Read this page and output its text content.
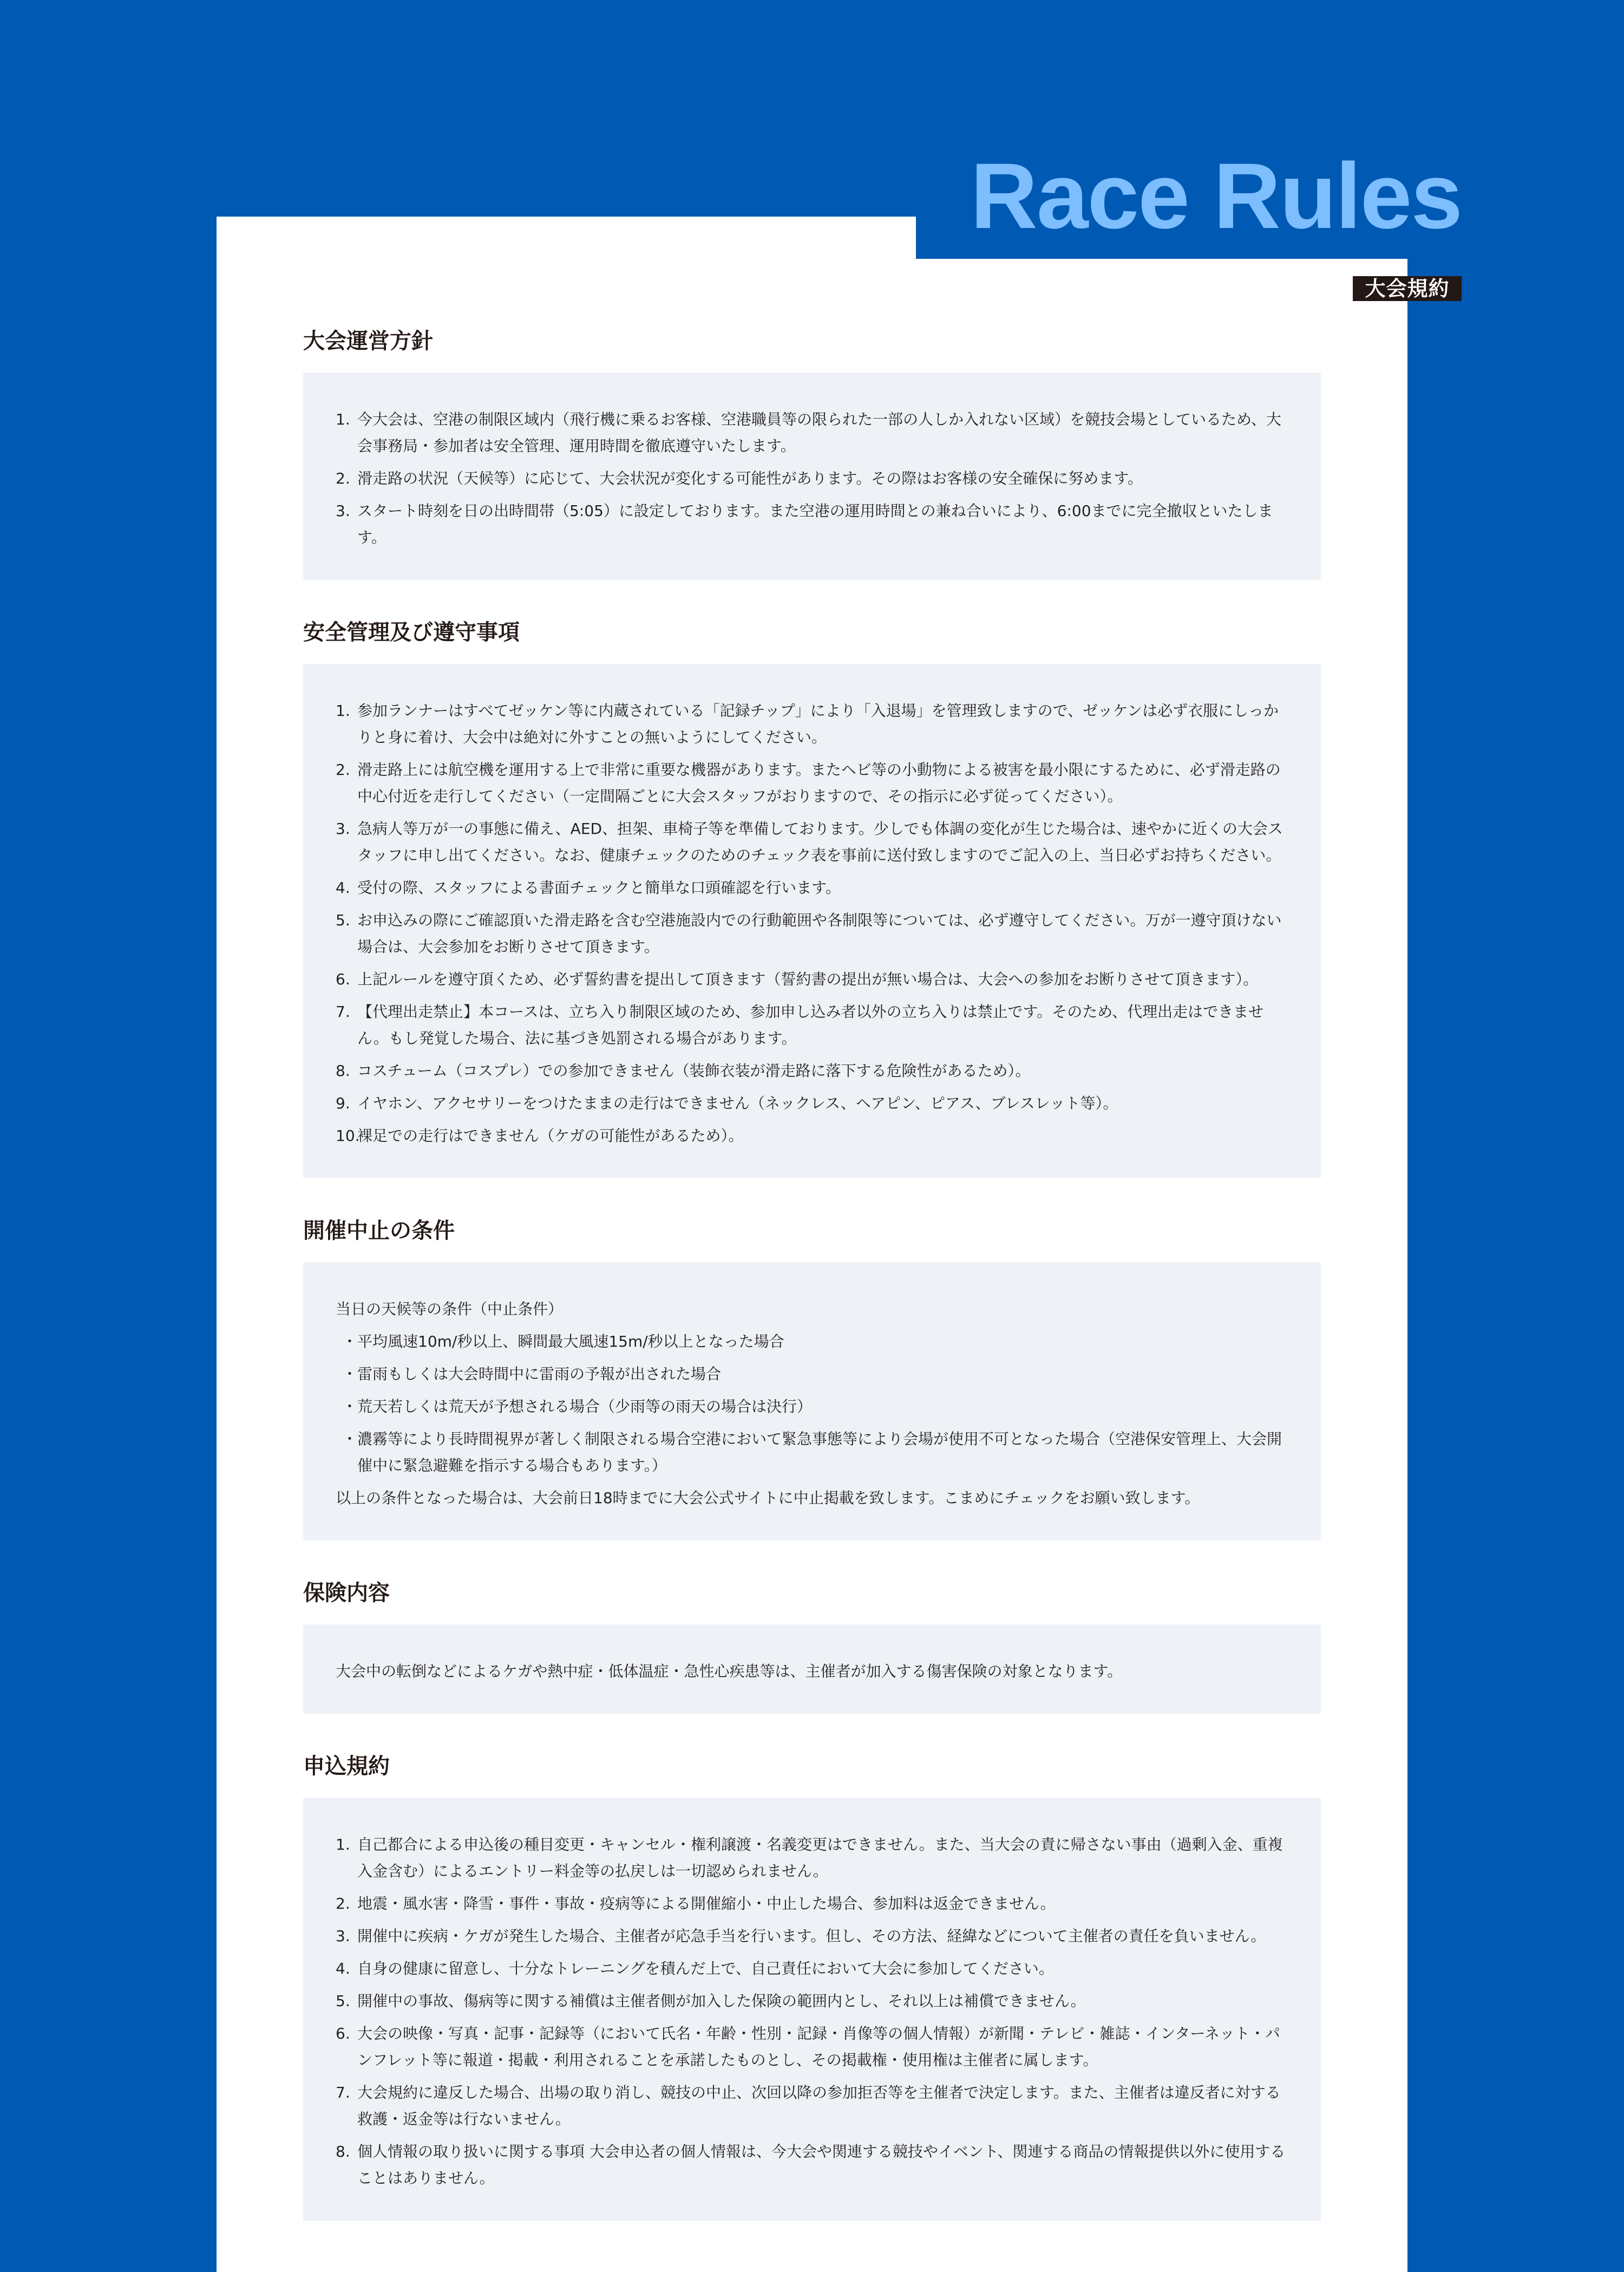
Race Rules
大会規約
大会運営方針
1. 今大会は、空港の制限区域内（飛行機に乗るお客様、空港職員等の限られた一部の人しか入れない区域）を競技会場としているため、大会事務局・参加者は安全管理、運用時間を徹底遵守いたします。
2. 滑走路の状況（天候等）に応じて、大会状況が変化する可能性があります。その際はお客様の安全確保に努めます。
3. スタート時刻を日の出時間帯（5:05）に設定しております。また空港の運用時間との兼ね合いにより、6:00までに完全撤収といたします。
安全管理及び遵守事項
1. 参加ランナーはすべてゼッケン等に内蔵されている「記録チップ」により「入退場」を管理致しますので、ゼッケンは必ず衣服にしっかりと身に着け、大会中は絶対に外すことの無いようにしてください。
2. 滑走路上には航空機を運用する上で非常に重要な機器があります。またヘビ等の小動物による被害を最小限にするために、必ず滑走路の中心付近を走行してください（一定間隔ごとに大会スタッフがおりますので、その指示に必ず従ってください）。
3. 急病人等万が一の事態に備え、AED、担架、車椅子等を準備しております。少しでも体調の変化が生じた場合は、速やかに近くの大会スタッフに申し出てください。なお、健康チェックのためのチェック表を事前に送付致しますのでご記入の上、当日必ずお持ちください。
4. 受付の際、スタッフによる書面チェックと簡単な口頭確認を行います。
5. お申込みの際にご確認頂いた滑走路を含む空港施設内での行動範囲や各制限等については、必ず遵守してください。万が一遵守頂けない場合は、大会参加をお断りさせて頂きます。
6. 上記ルールを遵守頂くため、必ず誓約書を提出して頂きます（誓約書の提出が無い場合は、大会への参加をお断りさせて頂きます）。
7. 【代理出走禁止】本コースは、立ち入り制限区域のため、参加申し込み者以外の立ち入りは禁止です。そのため、代理出走はできません。もし発覚した場合、法に基づき処罰される場合があります。
8. コスチューム（コスプレ）での参加できません（装飾衣装が滑走路に落下する危険性があるため）。
9. イヤホン、アクセサリーをつけたままの走行はできません（ネックレス、ヘアピン、ピアス、ブレスレット等）。
10.
裸足での走行はできません（ケガの可能性があるため）。
開催中止の条件

当日の天候等の条件（中止条件）

・ 平均風速10m/秒以上、瞬間最大風速15m/秒以上となった場合
・ 雷雨もしくは大会時間中に雷雨の予報が出された場合
・ 荒天若しくは荒天が予想される場合（少雨等の雨天の場合は決行）
・ 濃霧等により長時間視界が著しく制限される場合空港において緊急事態等により会場が使用不可となった場合（空港保安管理上、大会開催中に緊急避難を指示する場合もあります。）

以上の条件となった場合は、大会前日18時までに大会公式サイトに中止掲載を致します。こまめにチェックをお願い致します。

保険内容

大会中の転倒などによるケガや熱中症・低体温症・急性心疾患等は、主催者が加入する傷害保険の対象となります。

申込規約
1. 自己都合による申込後の種目変更・キャンセル・権利譲渡・名義変更はできません。また、当大会の責に帰さない事由（過剰入金、重複入金含む）によるエントリー料金等の払戻しは一切認められません。
2. 地震・風水害・降雪・事件・事故・疫病等による開催縮小・中止した場合、参加料は返金できません。
3. 開催中に疾病・ケガが発生した場合、主催者が応急手当を行います。但し、その方法、経緯などについて主催者の責任を負いません。
4. 自身の健康に留意し、十分なトレーニングを積んだ上で、自己責任において大会に参加してください。
5. 開催中の事故、傷病等に関する補償は主催者側が加入した保険の範囲内とし、それ以上は補償できません。
6. 大会の映像・写真・記事・記録等（において氏名・年齢・性別・記録・肖像等の個人情報）が新聞・テレビ・雑誌・インターネット・パンフレット等に報道・掲載・利用されることを承諾したものとし、その掲載権・使用権は主催者に属します。
7. 大会規約に違反した場合、出場の取り消し、競技の中止、次回以降の参加拒否等を主催者で決定します。また、主催者は違反者に対する救護・返金等は行ないません。
8. 個人情報の取り扱いに関する事項 大会申込者の個人情報は、今大会や関連する競技やイベント、関連する商品の情報提供以外に使用することはありません。
